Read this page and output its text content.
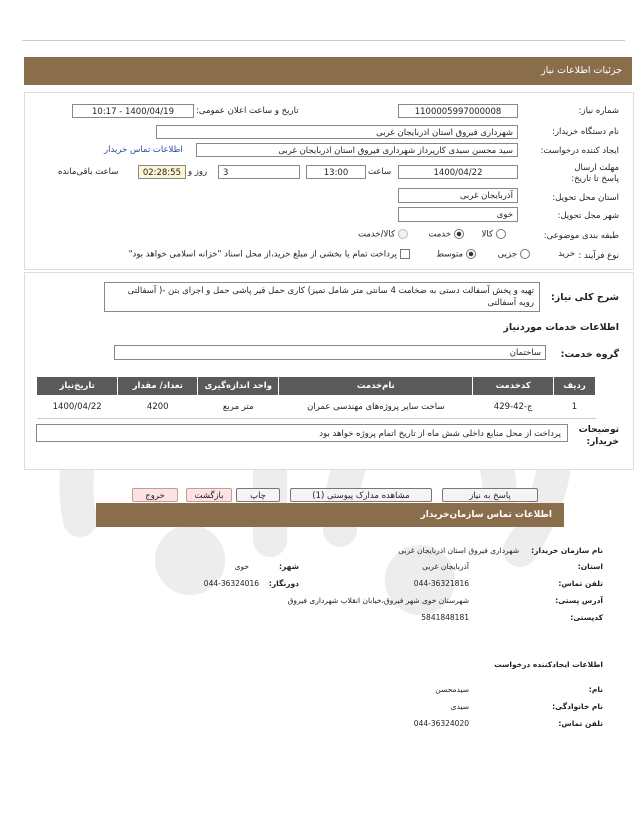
جزئیات اطلاعات نیاز
شماره نیاز:
1100005997000008
تاریخ و ساعت اعلان عمومی:
1400/04/19 - 10:17
نام دستگاه خریدار:
شهرداری فیروق استان اذربایجان غربی
ایجاد کننده درخواست:
سید محسن سیدی کارپرداز شهرداری فیروق استان اذربایجان غربی
اطلاعات تماس خریدار
مهلت ارسال پاسخ تا تاریخ:
1400/04/22
ساعت
13:00
3
روز و
02:28:55
ساعت باقی‌مانده
استان محل تحویل:
آذربایجان غربی
شهر محل تحویل:
خوی
طبقه بندی موضوعی:
کالا
خدمت
کالا/خدمت
نوع فرآیند :
خرید
جزیی
متوسط
پرداخت تمام یا بخشی از مبلغ خرید،از محل اسناد "خزانه اسلامی خواهد بود"
شرح کلی نیاز:
تهیه و پخش آسفالت دستی به ضخامت 4 سانتی متر شامل تمیز) کاری حمل قیر پاشی حمل و اجرای بتن -( آسفالتی رویه آسفالتی
اطلاعات خدمات مورد‌نیاز
گروه خدمت:
ساختمان
ردیف	کدخدمت	نام‌خدمت	واحد اندازه‌گیری	تعداد/ مقدار	تاریخ‌نیاز
1	ج-42-429	ساخت سایر پروژه‌های مهندسی عمران	متر مربع	4200	1400/04/22
توضیحات خریدار:
پرداخت از محل منابع داخلی شش ماه از تاریخ اتمام پروژه خواهد بود
پاسخ به نیاز
مشاهده مدارک پیوستی (1)
چاپ
بازگشت
خروج
اطلاعات تماس سازمان‌خریدار
نام سازمان خریدار:
شهرداری فیروق استان اذربایجان غربی
استان:
آذربایجان غربی
شهر:
خوی
تلفن تماس:
044-36321816
دورنگار:
044-36324016
آدرس پستی:
شهرستان خوی شهر فیروق،خیابان انقلاب شهرداری فیروق
کدپستی:
5841848181
اطلاعات ایجاد‌کننده درخواست
نام:
سیدمحسن
نام خانوادگی:
سیدی
تلفن تماس:
044-36324020
